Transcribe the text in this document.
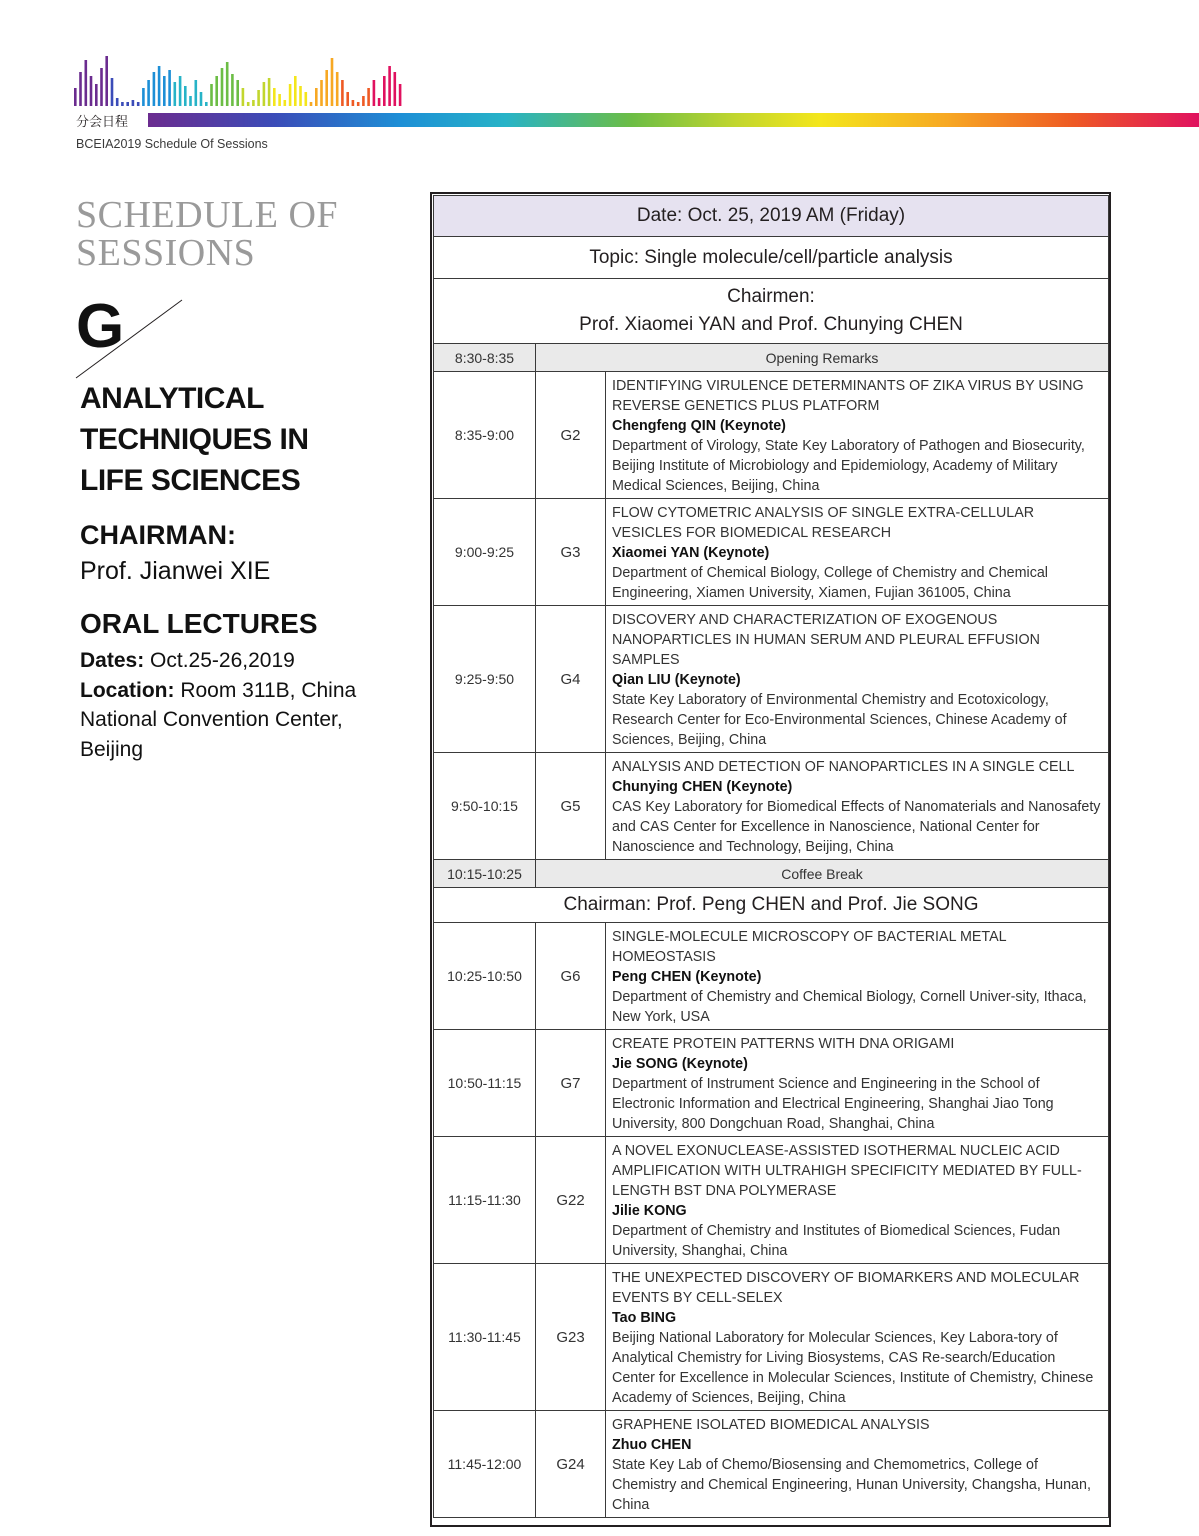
分会日程
BCEIA2019 Schedule Of Sessions
SCHEDULE OF
SESSIONS
G
ANALYTICAL
TECHNIQUES IN
LIFE SCIENCES
CHAIRMAN:
Prof. Jianwei XIE
ORAL LECTURES
Dates: Oct.25-26,2019
Location: Room 311B, China National Convention Center, Beijing
Date: Oct. 25, 2019 AM (Friday)		
Topic: Single molecule/cell/particle analysis		

Chairmen:
Prof. Xiaomei YAN and Prof. Chunying CHEN		

8:30-8:35	Opening Remarks	
8:35-9:00	G2	IDENTIFYING VIRULENCE DETERMINANTS OF ZIKA VIRUS BY USING REVERSE GENETICS PLUS PLATFORM
Chengfeng QIN (Keynote)
Department of Virology, State Key Laboratory of Pathogen and Biosecurity, Beijing Institute of Microbiology and Epidemiology, Academy of Military Medical Sciences, Beijing, China

9:00-9:25	G3	FLOW CYTOMETRIC ANALYSIS OF SINGLE EXTRA-CELLULAR VESICLES FOR BIOMEDICAL RESEARCH
Xiaomei YAN (Keynote)
Department of Chemical Biology, College of Chemistry and Chemical Engineering, Xiamen University, Xiamen, Fujian 361005, China

9:25-9:50	G4	DISCOVERY AND CHARACTERIZATION OF EXOGENOUS NANOPARTICLES IN HUMAN SERUM AND PLEURAL EFFUSION SAMPLES
Qian LIU (Keynote)
State Key Laboratory of Environmental Chemistry and Ecotoxicology, Research Center for Eco-Environmental Sciences, Chinese Academy of Sciences, Beijing, China

9:50-10:15	G5	ANALYSIS AND DETECTION OF NANOPARTICLES IN A SINGLE CELL
Chunying CHEN (Keynote)
CAS Key Laboratory for Biomedical Effects of Nanomaterials and Nanosafety and CAS Center for Excellence in Nanoscience, National Center for Nanoscience and Technology, Beijing, China

10:15-10:25	Coffee Break	
Chairman: Prof. Peng CHEN and Prof. Jie SONG		
10:25-10:50	G6	SINGLE-MOLECULE MICROSCOPY OF BACTERIAL METAL HOMEOSTASIS
Peng CHEN (Keynote)
Department of Chemistry and Chemical Biology, Cornell Univer-sity, Ithaca, New York, USA

10:50-11:15	G7	CREATE PROTEIN PATTERNS WITH DNA ORIGAMI
Jie SONG (Keynote)
Department of Instrument Science and Engineering in the School of Electronic Information and Electrical Engineering, Shanghai Jiao Tong University, 800 Dongchuan Road, Shanghai, China

11:15-11:30	G22	A NOVEL EXONUCLEASE-ASSISTED ISOTHERMAL NUCLEIC ACID AMPLIFICATION WITH ULTRAHIGH SPECIFICITY MEDIATED BY FULL-LENGTH BST DNA POLYMERASE
Jilie KONG
Department of Chemistry and Institutes of Biomedical Sciences, Fudan University, Shanghai, China

11:30-11:45	G23	THE UNEXPECTED DISCOVERY OF BIOMARKERS AND MOLECULAR EVENTS BY CELL-SELEX
Tao BING
Beijing National Laboratory for Molecular Sciences, Key Labora-tory of Analytical Chemistry for Living Biosystems, CAS Re-search/Education Center for Excellence in Molecular Sciences, Institute of Chemistry, Chinese Academy of Sciences, Beijing, China

11:45-12:00	G24	GRAPHENE ISOLATED BIOMEDICAL ANALYSIS
Zhuo CHEN
State Key Lab of Chemo/Biosensing and Chemometrics, College of Chemistry and Chemical Engineering, Hunan University, Changsha, Hunan, China
